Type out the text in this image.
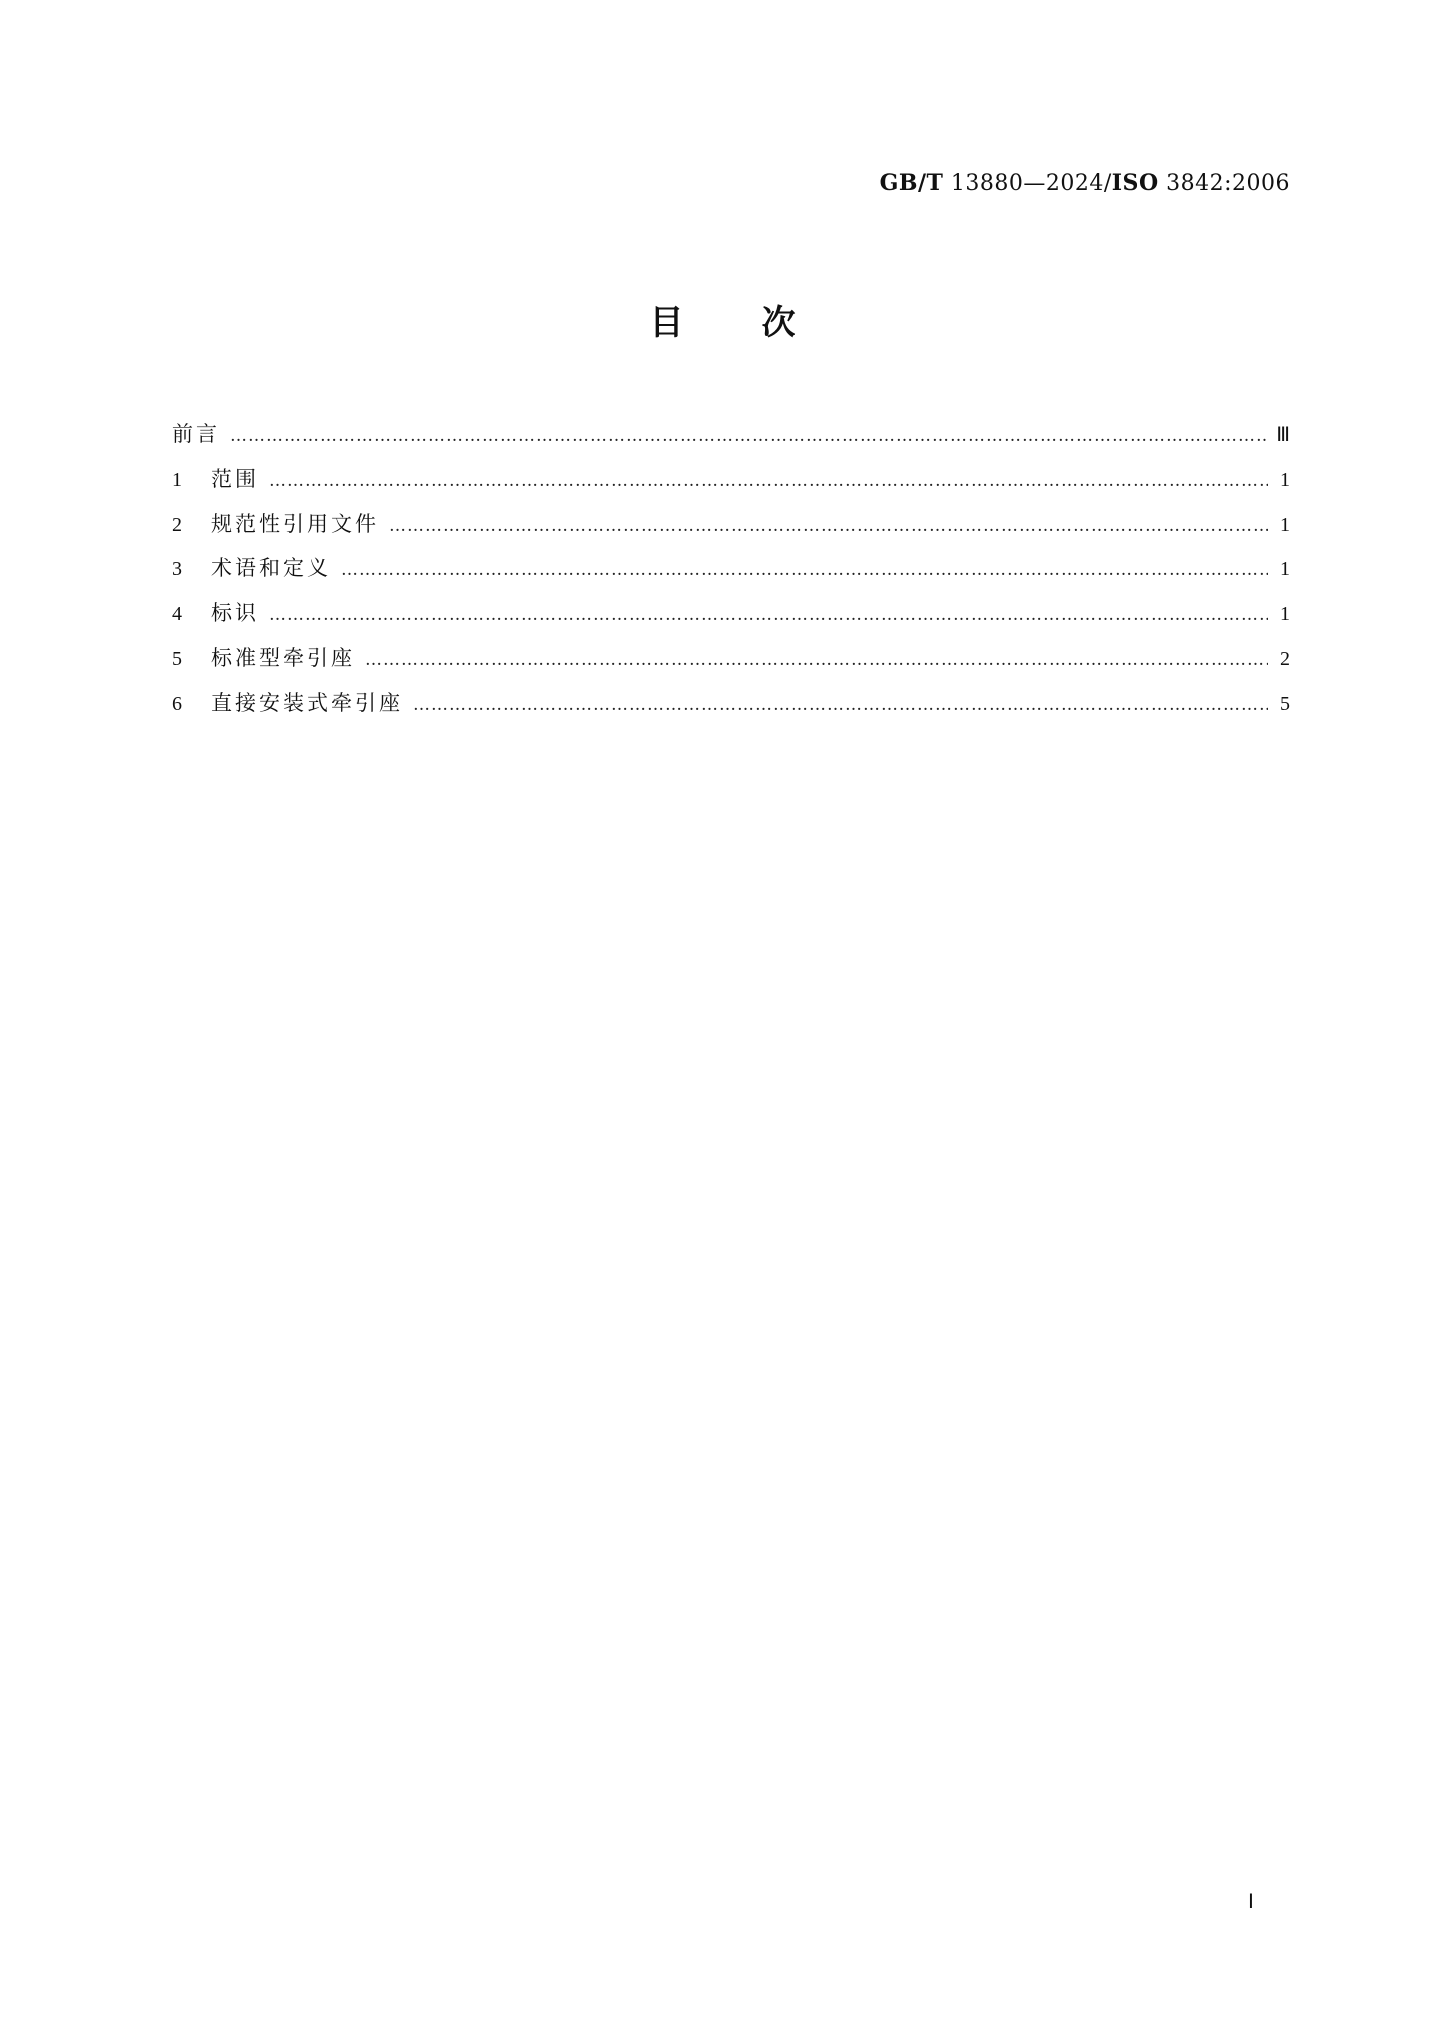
GB/T 13880—2024/ISO 3842:2006
目次
前言 …………………………………………………………………………………………………………………………………………………………………………………………………………………………	Ⅲ
1	范围 …………………………………………………………………………………………………………………………………………………………………………………………………………………………	1
2	规范性引用文件 …………………………………………………………………………………………………………………………………………………………………………………………………………………………	1
3	术语和定义 …………………………………………………………………………………………………………………………………………………………………………………………………………………………	1
4	标识 …………………………………………………………………………………………………………………………………………………………………………………………………………………………	1
5	标准型牵引座 …………………………………………………………………………………………………………………………………………………………………………………………………………………………	2
6	直接安装式牵引座 …………………………………………………………………………………………………………………………………………………………………………………………………………………………	5
Ⅰ
